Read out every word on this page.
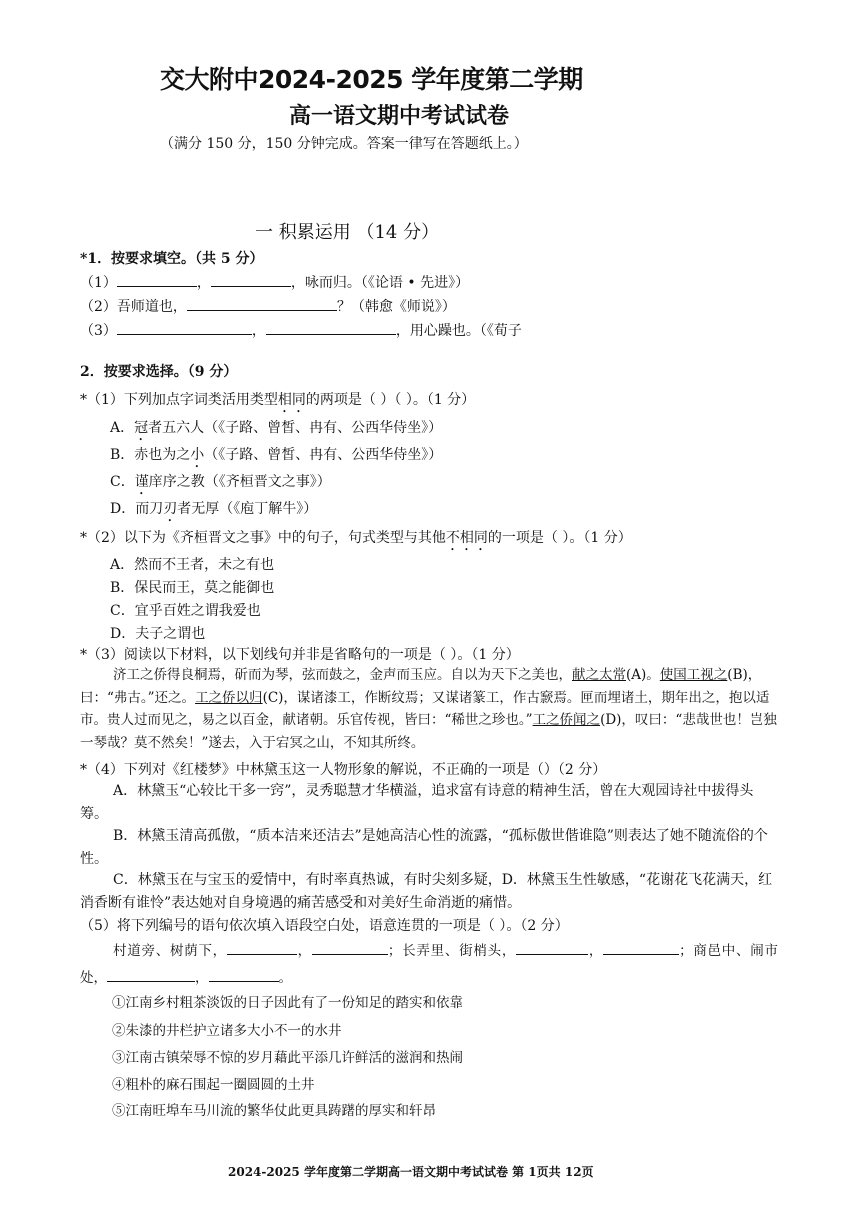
交大附中2024-2025 学年度第二学期
高一语文期中考试试卷
（满分 150 分，150 分钟完成。答案一律写在答题纸上。）
一 积累运用 （14 分）
*1．按要求填空。（共 5 分）
（1）	，	，咏而归。（《论语 • 先进》）
（2）吾师道也，	？（韩愈《师说》）
（3）	，	，用心躁也。（《荀子
2．按要求选择。（9 分）
*（1）下列加点字词类活用类型相同的两项是（ ）（ ）。（1 分）
A．冠者五六人（《子路、曾皙、冉有、公西华侍坐》）
B．赤也为之小（《子路、曾皙、冉有、公西华侍坐》）
C．谨庠序之教（《齐桓晋文之事》）
D．而刀刃者无厚（《庖丁解牛》）
*（2）以下为《齐桓晋文之事》中的句子，句式类型与其他不相同的一项是（ ）。（1 分）
A．然而不王者，未之有也
B．保民而王，莫之能御也
C．宜乎百姓之谓我爱也
D．夫子之谓也
*（3）阅读以下材料，以下划线句并非是省略句的一项是（ ）。（1 分）
济工之侨得良桐焉，斫而为琴，弦而鼓之，金声而玉应。自以为天下之美也，献之太常(A)。使国工视之(B)，曰：“弗古。”还之。工之侨以归(C)，谋诸漆工，作断纹焉；又谋诸篆工，作古窾焉。匣而埋诸土，期年出之，抱以适市。贵人过而见之，易之以百金，献诸朝。乐官传视，皆曰：“稀世之珍也。”工之侨闻之(D)，叹曰：“悲哉世也！岂独一琴哉？莫不然矣！”遂去，入于宕冥之山，不知其所终。
*（4）下列对《红楼梦》中林黛玉这一人物形象的解说，不正确的一项是（）（2 分）
A．林黛玉“心较比干多一窍”，灵秀聪慧才华横溢，追求富有诗意的精神生活，曾在大观园诗社中拔得头筹。
B．林黛玉清高孤傲，“质本洁来还洁去”是她高洁心性的流露，“孤标傲世偕谁隐”则表达了她不随流俗的个性。
C．林黛玉在与宝玉的爱情中，有时率真热诚，有时尖刻多疑，D．林黛玉生性敏感，“花谢花飞花满天，红消香断有谁怜”表达她对自身境遇的痛苦感受和对美好生命消逝的痛惜。
（5）将下列编号的语句依次填入语段空白处，语意连贯的一项是（ ）。（2 分）
村道旁、树荫下，	，	；长弄里、街梢头，	，	；商邑中、闹市处，	，	。
①江南乡村粗茶淡饭的日子因此有了一份知足的踏实和依靠
②朱漆的井栏护立诸多大小不一的水井
③江南古镇荣辱不惊的岁月藉此平添几许鲜活的滋润和热闹
④粗朴的麻石围起一圈圆圆的土井
⑤江南旺埠车马川流的繁华仗此更具踌躇的厚实和轩昂
2024-2025 学年度第二学期高一语文期中考试试卷 第 1页共 12页
